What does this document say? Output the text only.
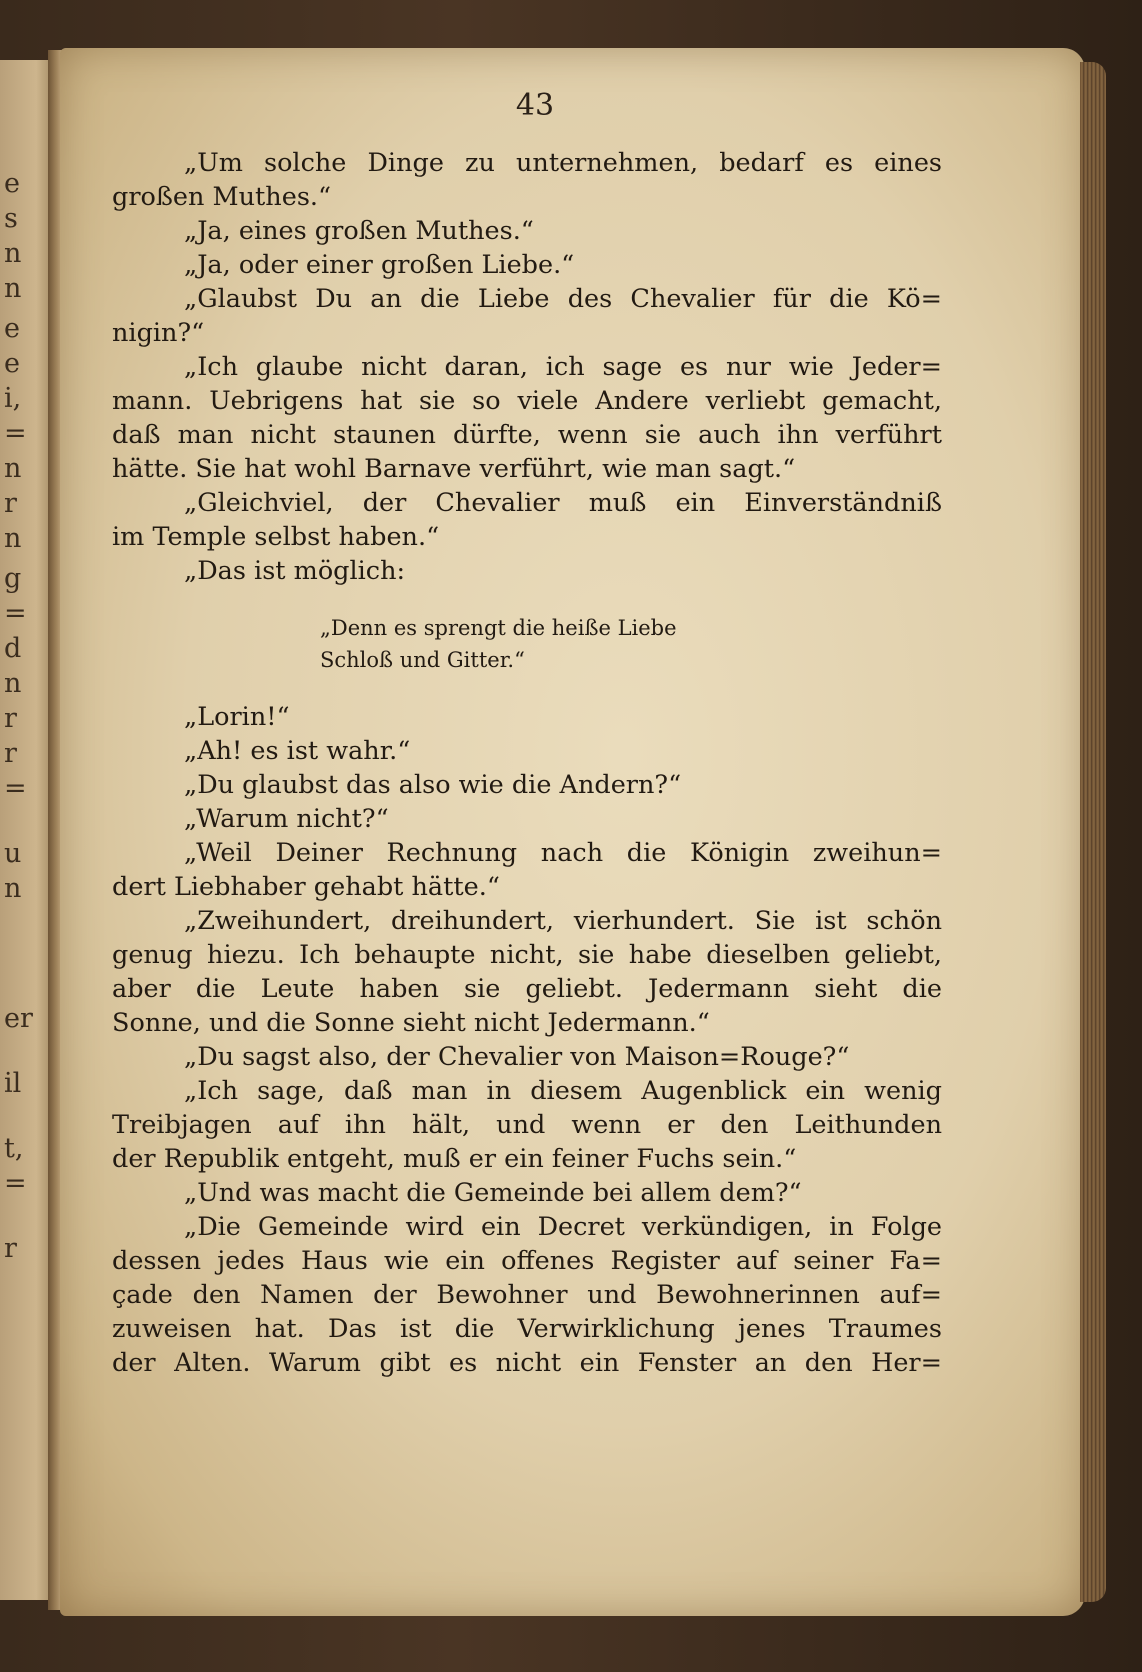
e
s
n
n
e
e
i,
=
n
r
n
g
=
d
n
r
r
=
u
n
er
il
t,
=
r
43
„Um solche Dinge zu unternehmen, bedarf es eines
großen Muthes.“
„Ja, eines großen Muthes.“
„Ja, oder einer großen Liebe.“
„Glaubst Du an die Liebe des Chevalier für die Kö=
nigin?“
„Ich glaube nicht daran, ich sage es nur wie Jeder=
mann. Uebrigens hat sie so viele Andere verliebt gemacht,
daß man nicht staunen dürfte, wenn sie auch ihn verführt
hätte. Sie hat wohl Barnave verführt, wie man sagt.“
„Gleichviel, der Chevalier muß ein Einverständniß
im Temple selbst haben.“
„Das ist möglich:
„Denn es sprengt die heiße Liebe
Schloß und Gitter.“
„Lorin!“
„Ah! es ist wahr.“
„Du glaubst das also wie die Andern?“
„Warum nicht?“
„Weil Deiner Rechnung nach die Königin zweihun=
dert Liebhaber gehabt hätte.“
„Zweihundert, dreihundert, vierhundert. Sie ist schön
genug hiezu. Ich behaupte nicht, sie habe dieselben geliebt,
aber die Leute haben sie geliebt. Jedermann sieht die
Sonne, und die Sonne sieht nicht Jedermann.“
„Du sagst also, der Chevalier von Maison=Rouge?“
„Ich sage, daß man in diesem Augenblick ein wenig
Treibjagen auf ihn hält, und wenn er den Leithunden
der Republik entgeht, muß er ein feiner Fuchs sein.“
„Und was macht die Gemeinde bei allem dem?“
„Die Gemeinde wird ein Decret verkündigen, in Folge
dessen jedes Haus wie ein offenes Register auf seiner Fa=
çade den Namen der Bewohner und Bewohnerinnen auf=
zuweisen hat. Das ist die Verwirklichung jenes Traumes
der Alten. Warum gibt es nicht ein Fenster an den Her=
